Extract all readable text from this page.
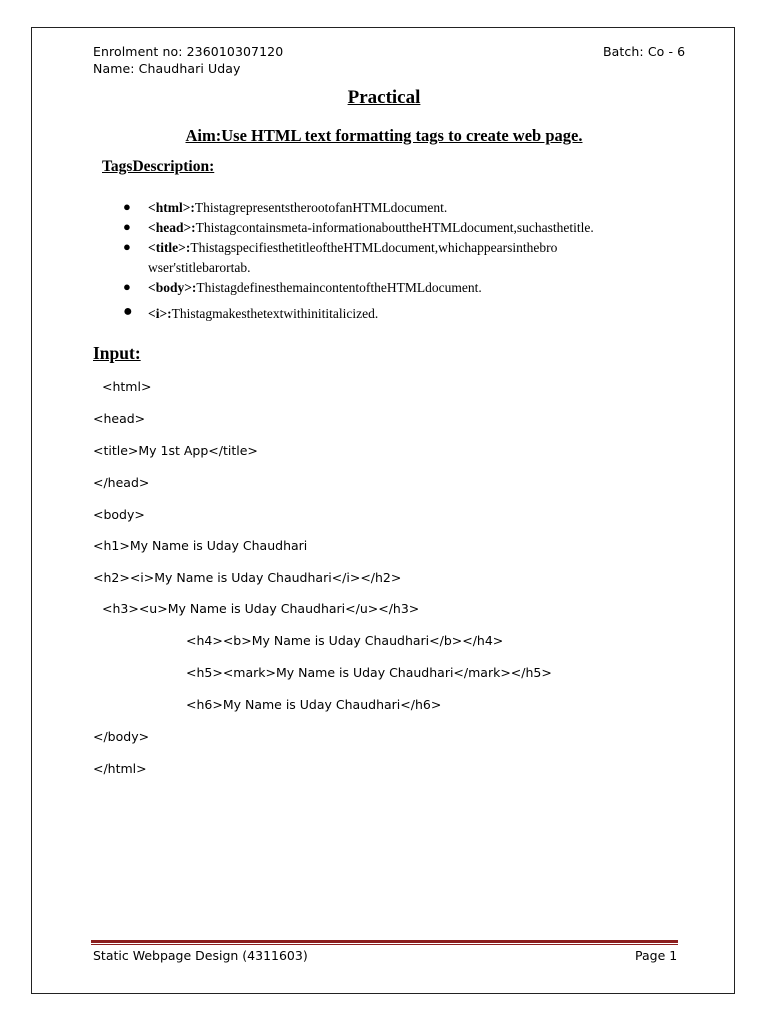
Enrolment no: 236010307120	Batch: Co - 6
Name: Chaudhari Uday
Practical
Aim:Use HTML text formatting tags to create web page.
TagsDescription:
● <html>:ThistagrepresentstherootofanHTMLdocument.
● <head>:Thistagcontainsmeta-informationabouttheHTMLdocument,suchasthetitle.
● <title>:ThistagspecifiesthetitleoftheHTMLdocument,whichappearsinthebro wser'stitlebarortab.
● <body>:ThistagdefinesthemaincontentoftheHTMLdocument.
● <i>:Thistagmakesthetextwithinititalicized.
Input:
<html>
<head>
<title>My 1st App</title>
</head>
<body>
<h1>My Name is Uday Chaudhari
<h2><i>My Name is Uday Chaudhari</i></h2>
<h3><u>My Name is Uday Chaudhari</u></h3>
<h4><b>My Name is Uday Chaudhari</b></h4>
<h5><mark>My Name is Uday Chaudhari</mark></h5>
<h6>My Name is Uday Chaudhari</h6>
</body>
</html>
Static Webpage Design (4311603)	Page 1
